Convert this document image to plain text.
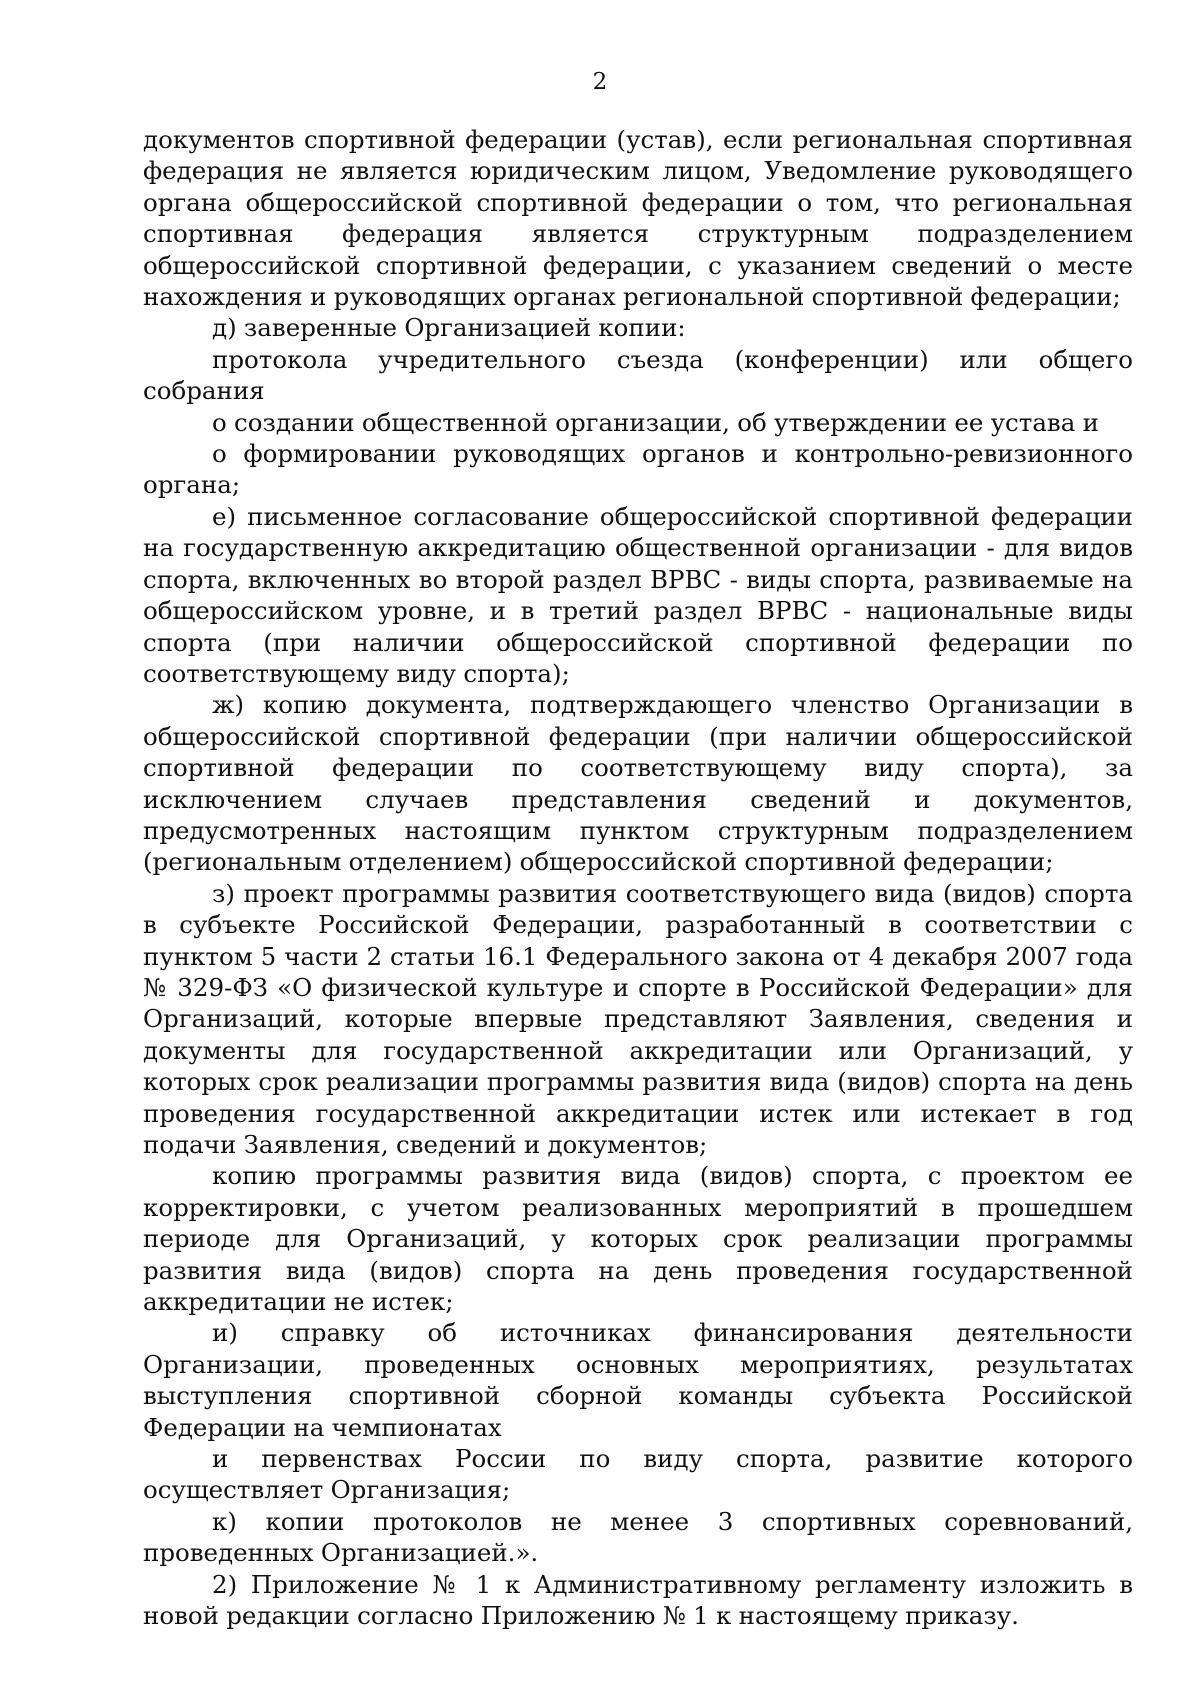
2

документов спортивной федерации (устав), если региональная спортивная федерация не является юридическим лицом, Уведомление руководящего органа общероссийской спортивной федерации о том, что региональная спортивная федерация является структурным подразделением общероссийской спортивной федерации, с указанием сведений о месте нахождения и руководящих органах региональной спортивной федерации;

д) заверенные Организацией копии:

протокола учредительного съезда (конференции) или общего собрания

о создании общественной организации, об утверждении ее устава и

о формировании руководящих органов и контрольно-ревизионного органа;

е) письменное согласование общероссийской спортивной федерации на государственную аккредитацию общественной организации - для видов спорта, включенных во второй раздел ВРВС - виды спорта, развиваемые на общероссийском уровне, и в третий раздел ВРВС - национальные виды спорта (при наличии общероссийской спортивной федерации по соответствующему виду спорта);

ж) копию документа, подтверждающего членство Организации в общероссийской спортивной федерации (при наличии общероссийской спортивной федерации по соответствующему виду спорта), за исключением случаев представления сведений и документов, предусмотренных настоящим пунктом структурным подразделением (региональным отделением) общероссийской спортивной федерации;

з) проект программы развития соответствующего вида (видов) спорта в субъекте Российской Федерации, разработанный в соответствии с пунктом 5 части 2 статьи 16.1 Федерального закона от 4 декабря 2007 года № 329-ФЗ «О физической культуре и спорте в Российской Федерации» для Организаций, которые впервые представляют Заявления, сведения и документы для государственной аккредитации или Организаций, у которых срок реализации программы развития вида (видов) спорта на день проведения государственной аккредитации истек или истекает в год подачи Заявления, сведений и документов;

копию программы развития вида (видов) спорта, с проектом ее корректировки, с учетом реализованных мероприятий в прошедшем периоде для Организаций, у которых срок реализации программы развития вида (видов) спорта на день проведения государственной аккредитации не истек;

и) справку об источниках финансирования деятельности Организации, проведенных основных мероприятиях, результатах выступления спортивной сборной команды субъекта Российской Федерации на чемпионатах

и первенствах России по виду спорта, развитие которого осуществляет Организация;

к) копии протоколов не менее 3 спортивных соревнований, проведенных Организацией.».

2) Приложение № 1 к Административному регламенту изложить в новой редакции согласно Приложению № 1 к настоящему приказу.
